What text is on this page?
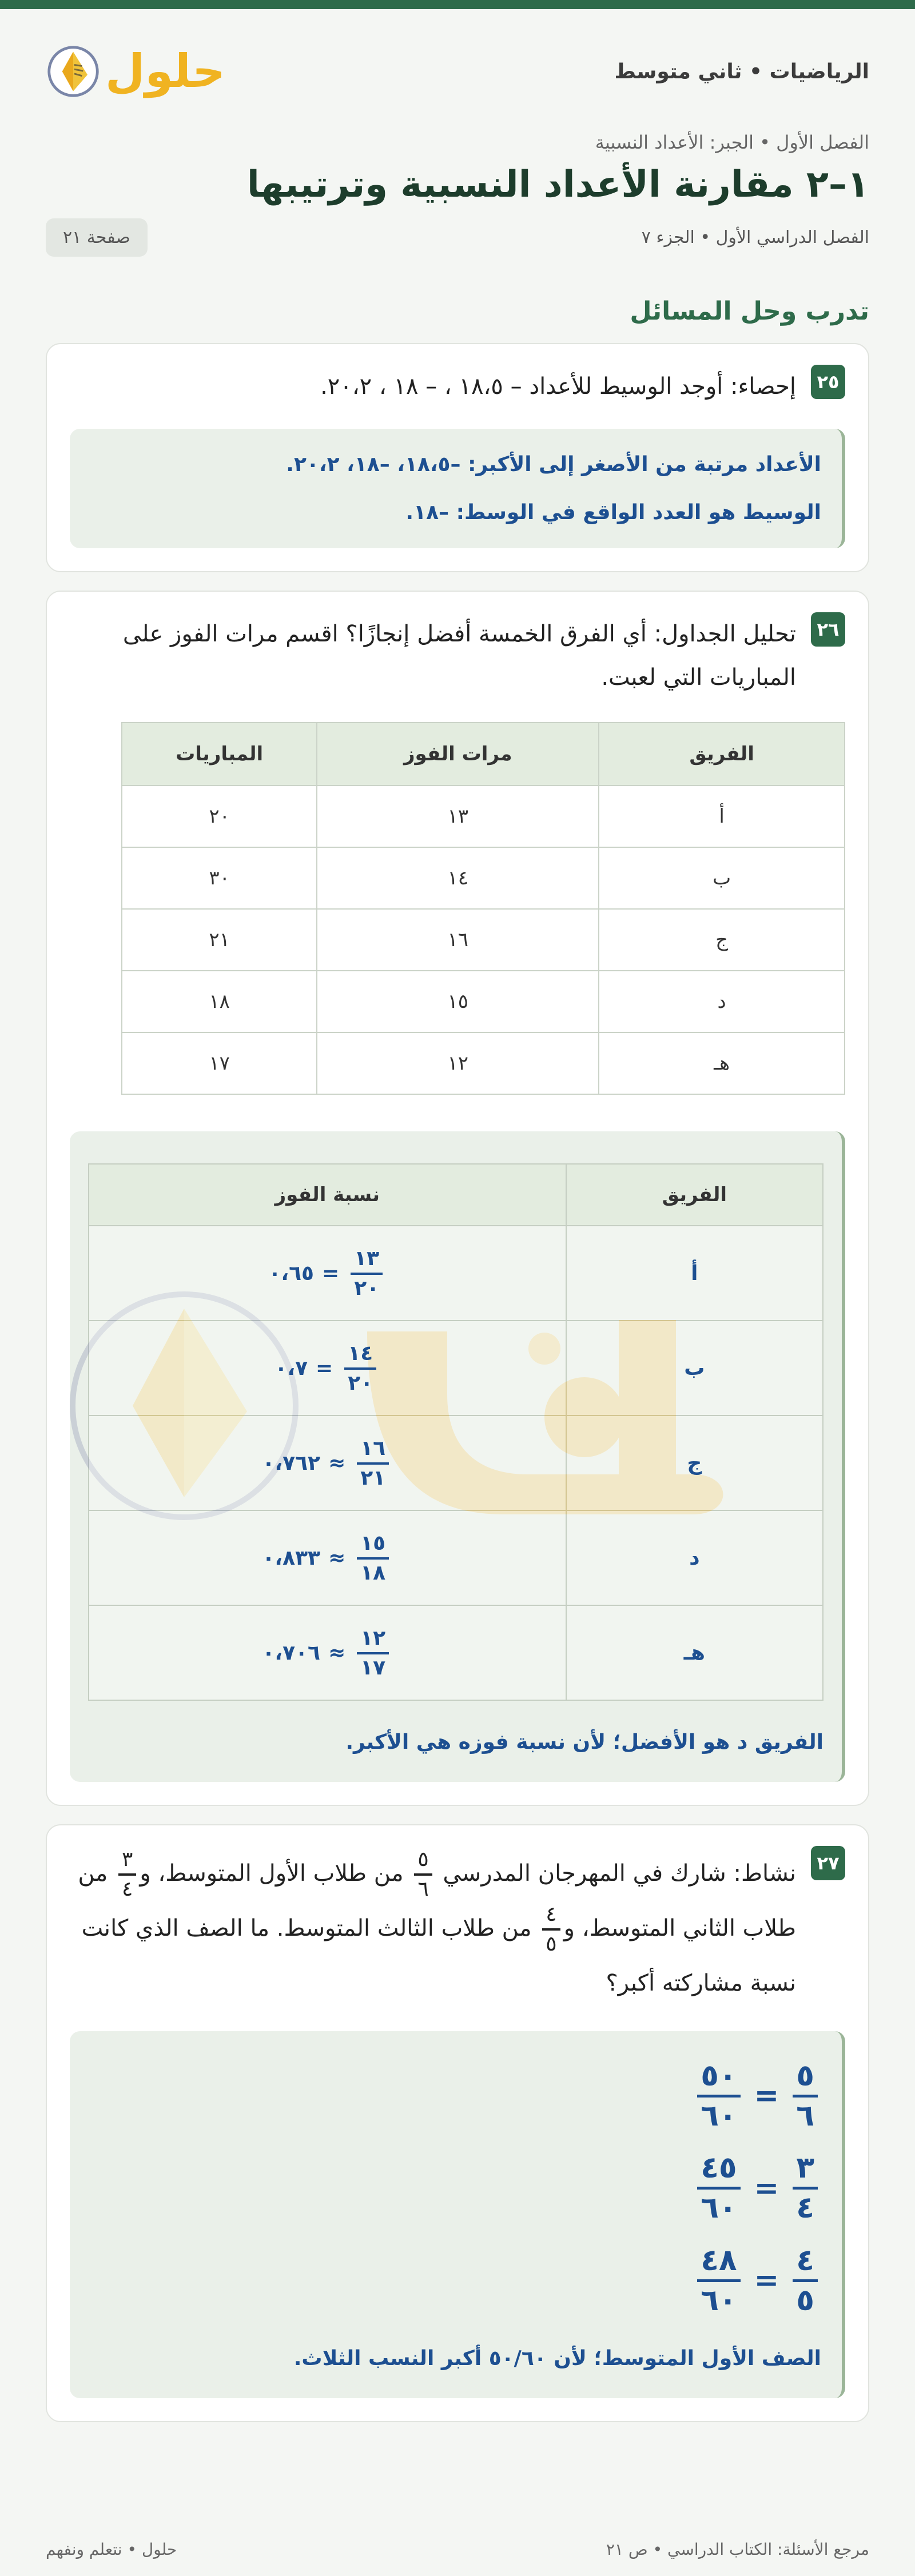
الرياضيات • ثاني متوسط
حلول
الفصل الأول • الجبر: الأعداد النسبية
١–٢ مقارنة الأعداد النسبية وترتيبها
الفصل الدراسي الأول • الجزء ٧
صفحة ٢١
تدرب وحل المسائل
٢٥
إحصاء: أوجد الوسيط للأعداد – ١٨،٥ ، – ١٨ ، ٢٠،٢.
الأعداد مرتبة من الأصغر إلى الأكبر: –١٨،٥، –١٨، ٢٠،٢.
الوسيط هو العدد الواقع في الوسط: –١٨.
٢٦
تحليل الجداول: أي الفرق الخمسة أفضل إنجازًا؟ اقسم مرات الفوز على المباريات التي لعبت.
الفريق	مرات الفوز	المباريات
أ	١٣	٢٠
ب	١٤	٣٠
ج	١٦	٢١
د	١٥	١٨
هـ	١٢	١٧
الفريق	نسبة الفوز
أ	$\frac{١٣}{٢٠}$
=
٠،٦٥

ب	$\frac{١٤}{٢٠}$
=
٠،٧

ج	$\frac{١٦}{٢١}$
≈
٠،٧٦٢

د	$\frac{١٥}{١٨}$
≈
٠،٨٣٣

هـ	$\frac{١٢}{١٧}$
≈
٠،٧٠٦
الفريق د هو الأفضل؛ لأن نسبة فوزه هي الأكبر.
٢٧
نشاط: شارك في المهرجان المدرسي
$\frac{٥}{٦}$
من طلاب الأول المتوسط، و
$\frac{٣}{٤}$
من طلاب الثاني المتوسط، و
$\frac{٤}{٥}$
من طلاب الثالث المتوسط. ما الصف الذي كانت نسبة مشاركته أكبر؟
$\frac{٥}{٦}$
=
$\frac{٥٠}{٦٠}$
$\frac{٣}{٤}$
=
$\frac{٤٥}{٦٠}$
$\frac{٤}{٥}$
=
$\frac{٤٨}{٦٠}$
الصف الأول المتوسط؛ لأن ٥٠/٦٠ أكبر النسب الثلاث.
مرجع الأسئلة: الكتاب الدراسي • ص ٢١
حلول • نتعلم ونفهم
